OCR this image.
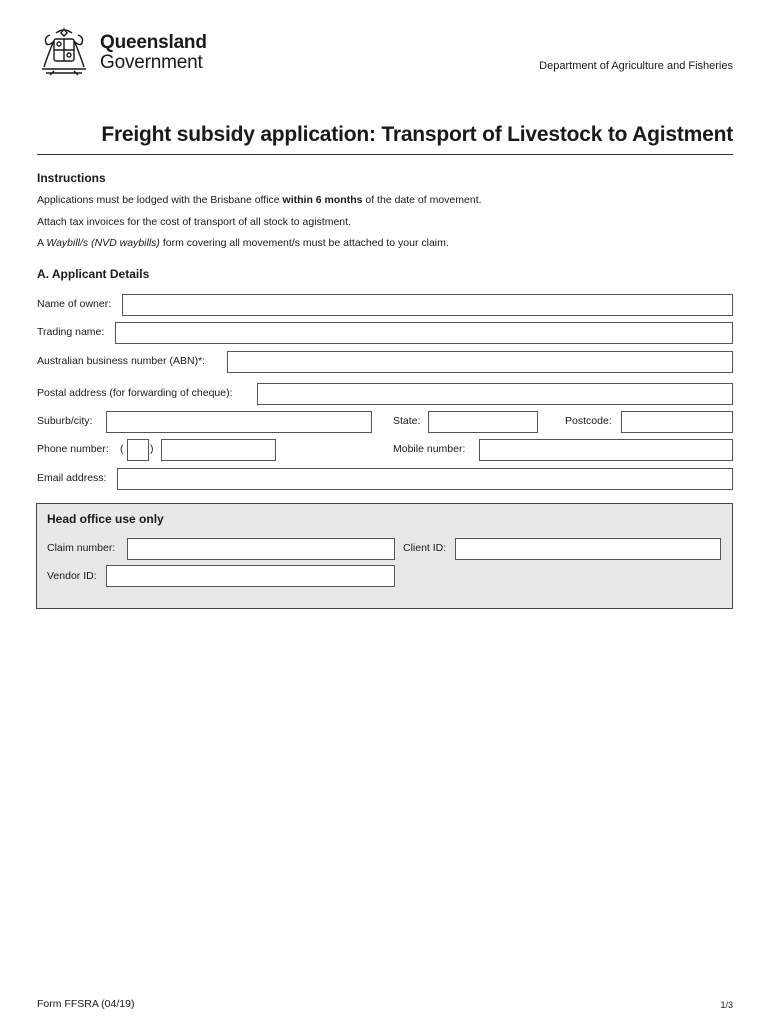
Queensland
Government	Department of Agriculture and Fisheries
Freight subsidy application: Transport of Livestock to Agistment
Instructions
Applications must be lodged with the Brisbane office within 6 months of the date of movement.
Attach tax invoices for the cost of transport of all stock to agistment.
A Waybill/s (NVD waybills) form covering all movement/s must be attached to your claim.
A. Applicant Details
Name of owner:
Trading name:
Australian business number (ABN)*:
Postal address (for forwarding of cheque):
Suburb/city:	State:	Postcode:
Phone number: (	)	Mobile number:
Email address:
Head office use only
Claim number:	Client ID:
Vendor ID:
Form FFSRA (04/19)	1/3
